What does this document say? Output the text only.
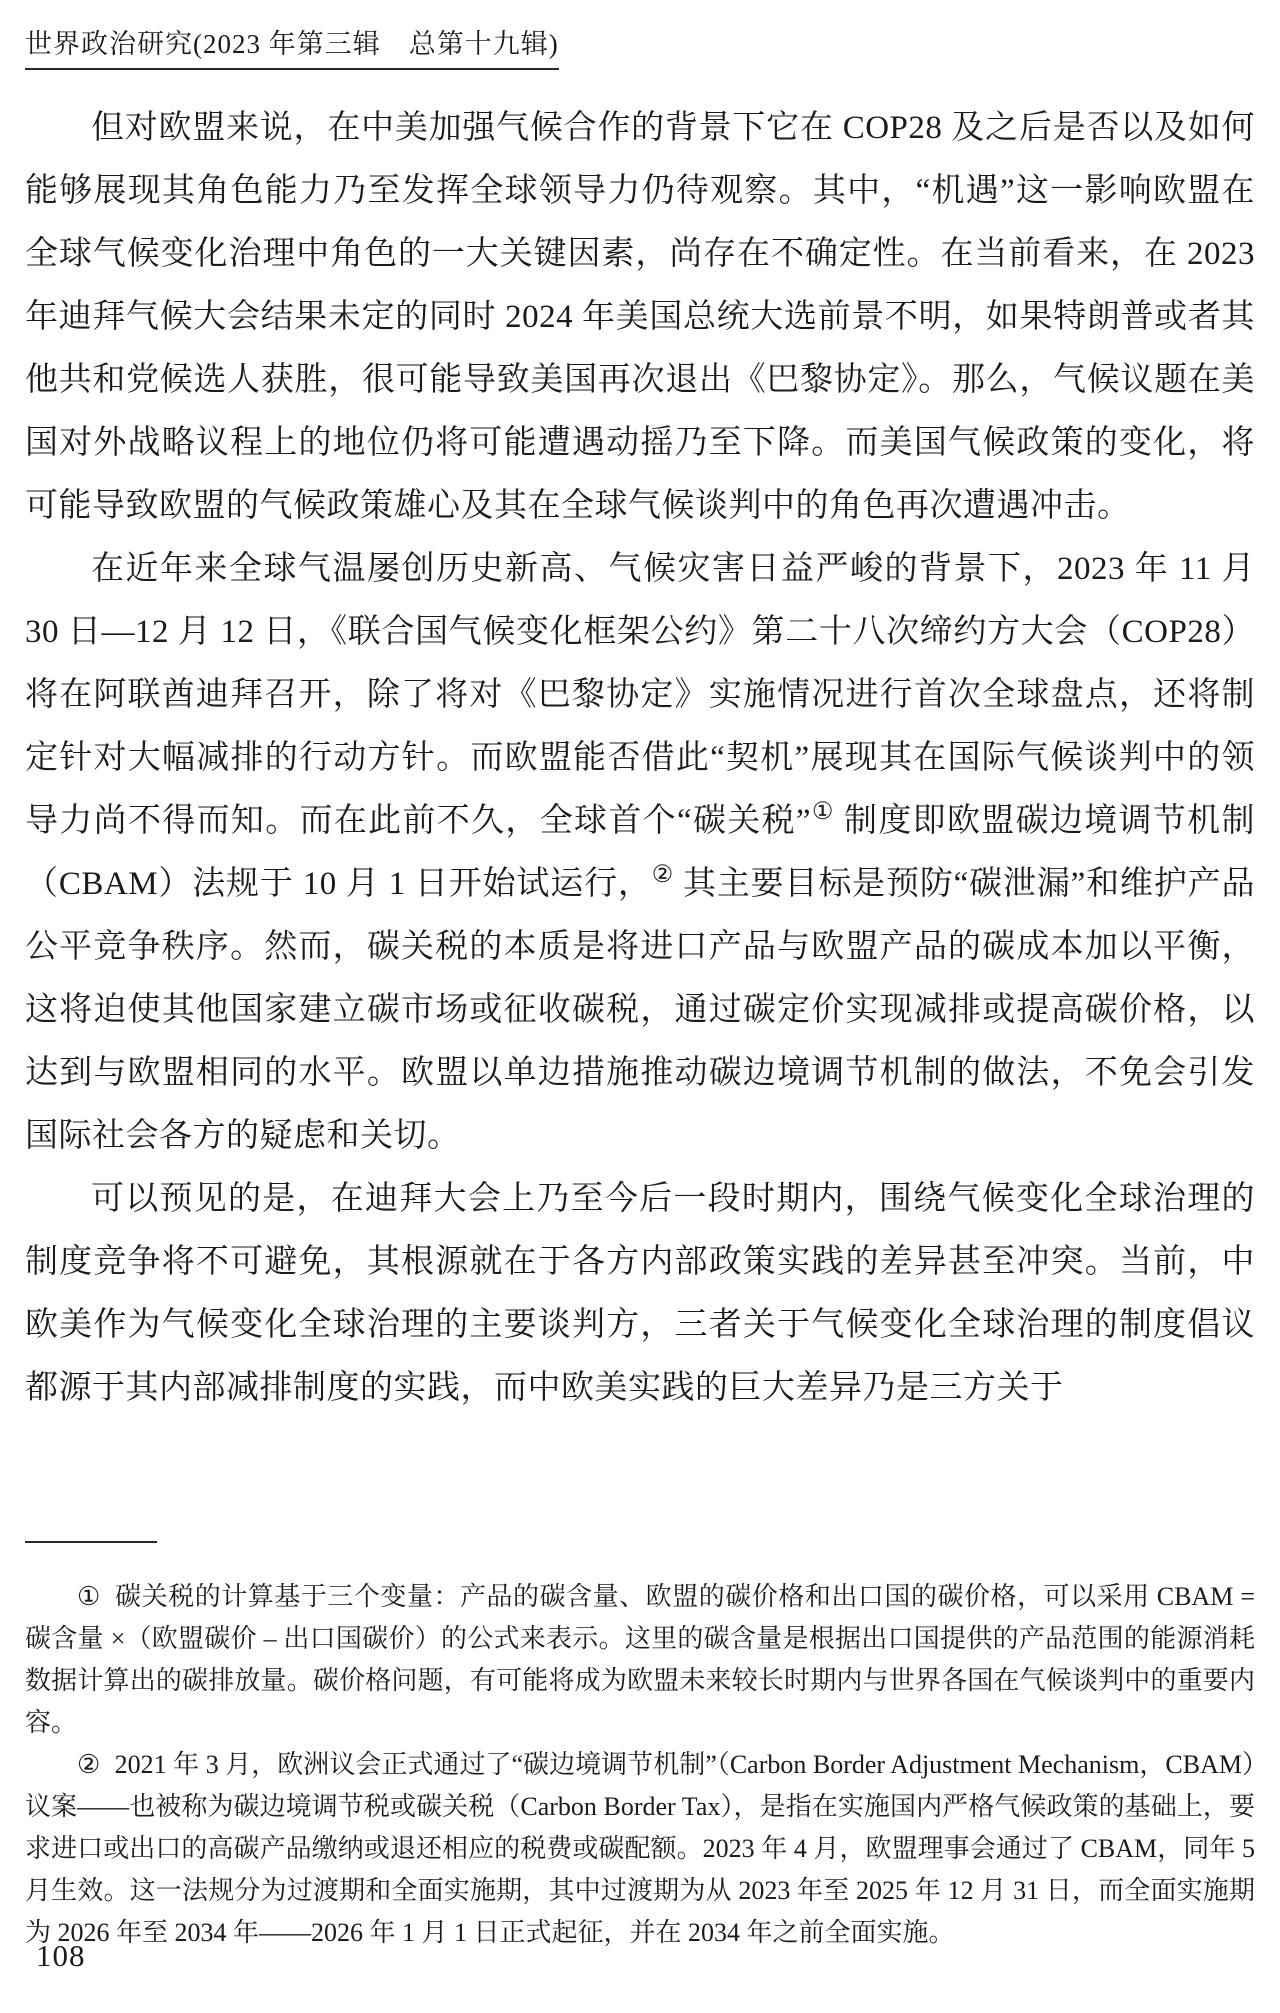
世界政治研究(2023 年第三辑　总第十九辑)

但对欧盟来说，在中美加强气候合作的背景下它在 COP28 及之后是否以及如何能够展现其角色能力乃至发挥全球领导力仍待观察。其中，“机遇”这一影响欧盟在全球气候变化治理中角色的一大关键因素，尚存在不确定性。在当前看来，在 2023 年迪拜气候大会结果未定的同时 2024 年美国总统大选前景不明，如果特朗普或者其他共和党候选人获胜，很可能导致美国再次退出《巴黎协定》。那么，气候议题在美国对外战略议程上的地位仍将可能遭遇动摇乃至下降。而美国气候政策的变化，将可能导致欧盟的气候政策雄心及其在全球气候谈判中的角色再次遭遇冲击。

在近年来全球气温屡创历史新高、气候灾害日益严峻的背景下，2023 年 11 月 30 日—12 月 12 日，《联合国气候变化框架公约》第二十八次缔约方大会（COP28）将在阿联酋迪拜召开，除了将对《巴黎协定》实施情况进行首次全球盘点，还将制定针对大幅减排的行动方针。而欧盟能否借此“契机”展现其在国际气候谈判中的领导力尚不得而知。而在此前不久，全球首个“碳关税”① 制度即欧盟碳边境调节机制（CBAM）法规于 10 月 1 日开始试运行，② 其主要目标是预防“碳泄漏”和维护产品公平竞争秩序。然而，碳关税的本质是将进口产品与欧盟产品的碳成本加以平衡，这将迫使其他国家建立碳市场或征收碳税，通过碳定价实现减排或提高碳价格，以达到与欧盟相同的水平。欧盟以单边措施推动碳边境调节机制的做法，不免会引发国际社会各方的疑虑和关切。

可以预见的是，在迪拜大会上乃至今后一段时期内，围绕气候变化全球治理的制度竞争将不可避免，其根源就在于各方内部政策实践的差异甚至冲突。当前，中欧美作为气候变化全球治理的主要谈判方，三者关于气候变化全球治理的制度倡议都源于其内部减排制度的实践，而中欧美实践的巨大差异乃是三方关于

① 碳关税的计算基于三个变量：产品的碳含量、欧盟的碳价格和出口国的碳价格，可以采用 CBAM = 碳含量 ×（欧盟碳价 – 出口国碳价）的公式来表示。这里的碳含量是根据出口国提供的产品范围的能源消耗数据计算出的碳排放量。碳价格问题，有可能将成为欧盟未来较长时期内与世界各国在气候谈判中的重要内容。

② 2021 年 3 月，欧洲议会正式通过了“碳边境调节机制”（Carbon Border Adjustment Mechanism，CBAM）议案——也被称为碳边境调节税或碳关税（Carbon Border Tax），是指在实施国内严格气候政策的基础上，要求进口或出口的高碳产品缴纳或退还相应的税费或碳配额。2023 年 4 月，欧盟理事会通过了 CBAM，同年 5 月生效。这一法规分为过渡期和全面实施期，其中过渡期为从 2023 年至 2025 年 12 月 31 日，而全面实施期为 2026 年至 2034 年——2026 年 1 月 1 日正式起征，并在 2034 年之前全面实施。

108
